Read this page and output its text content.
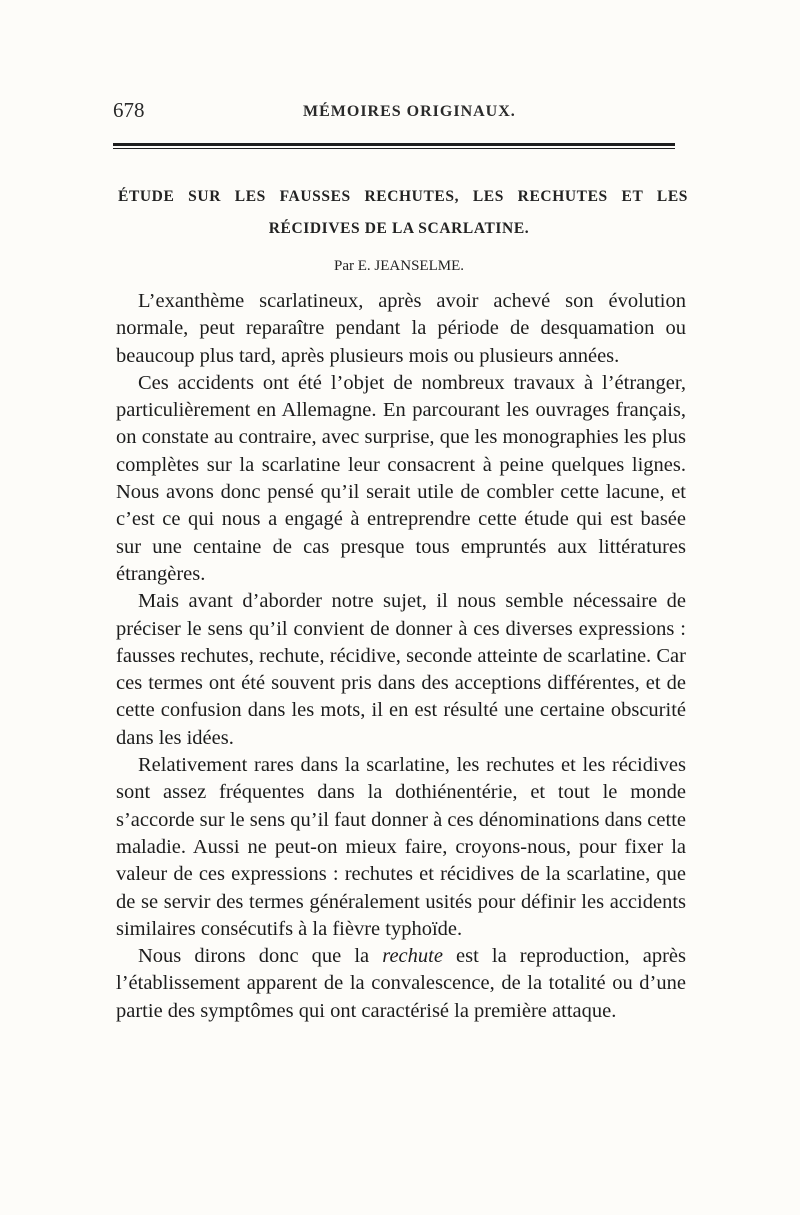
678	MÉMOIRES ORIGINAUX.
ÉTUDE SUR LES FAUSSES RECHUTES, LES RECHUTES ET LES
RÉCIDIVES DE LA SCARLATINE.
Par E. JEANSELME.

L’exanthème scarlatineux, après avoir achevé son évolution normale, peut reparaître pendant la période de desquamation ou beaucoup plus tard, après plusieurs mois ou plusieurs années.

Ces accidents ont été l’objet de nombreux travaux à l’étranger, particulièrement en Allemagne. En parcourant les ouvrages français, on constate au contraire, avec surprise, que les monographies les plus complètes sur la scarlatine leur consacrent à peine quelques lignes. Nous avons donc pensé qu’il serait utile de combler cette lacune, et c’est ce qui nous a engagé à entreprendre cette étude qui est basée sur une centaine de cas presque tous empruntés aux littératures étrangères.

Mais avant d’aborder notre sujet, il nous semble nécessaire de préciser le sens qu’il convient de donner à ces diverses expressions : fausses rechutes, rechute, récidive, seconde atteinte de scarlatine. Car ces termes ont été souvent pris dans des acceptions différentes, et de cette confusion dans les mots, il en est résulté une certaine obscurité dans les idées.

Relativement rares dans la scarlatine, les rechutes et les récidives sont assez fréquentes dans la dothiénentérie, et tout le monde s’accorde sur le sens qu’il faut donner à ces dénominations dans cette maladie. Aussi ne peut-on mieux faire, croyons-nous, pour fixer la valeur de ces expressions : rechutes et récidives de la scarlatine, que de se servir des termes généralement usités pour définir les accidents similaires consécutifs à la fièvre typhoïde.

Nous dirons donc que la rechute est la reproduction, après l’établissement apparent de la convalescence, de la totalité ou d’une partie des symptômes qui ont caractérisé la première attaque.
